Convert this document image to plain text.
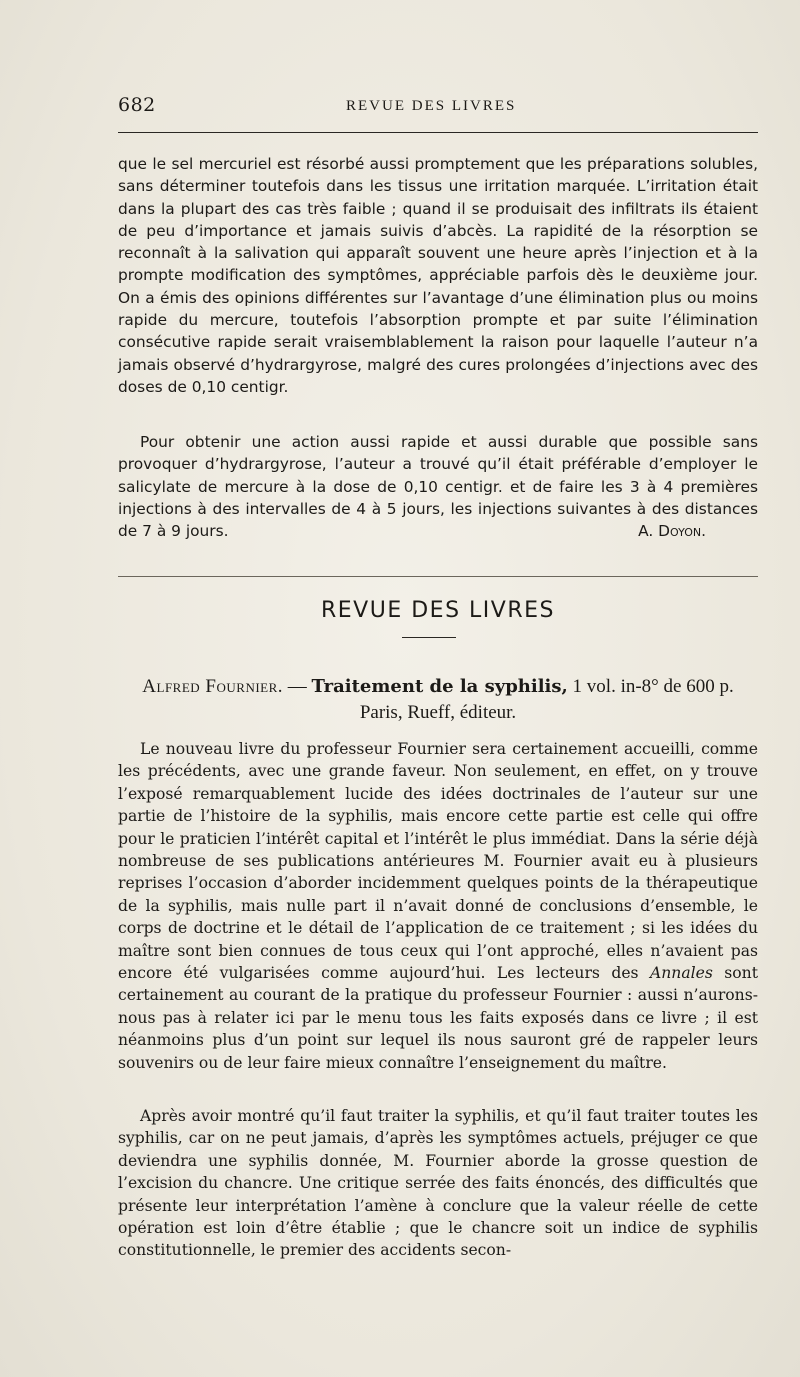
682	REVUE DES LIVRES

que le sel mercuriel est résorbé aussi promptement que les préparations solubles, sans déterminer toutefois dans les tissus une irritation marquée. L’irritation était dans la plupart des cas très faible ; quand il se produisait des infiltrats ils étaient de peu d’importance et jamais suivis d’abcès. La rapidité de la résorption se reconnaît à la salivation qui apparaît souvent une heure après l’injection et à la prompte modification des symptômes, appréciable parfois dès le deuxième jour. On a émis des opinions différentes sur l’avantage d’une élimination plus ou moins rapide du mercure, toutefois l’absorption prompte et par suite l’élimination consécutive rapide serait vraisemblablement la raison pour laquelle l’auteur n’a jamais observé d’hydrargyrose, malgré des cures prolongées d’injections avec des doses de 0,10 centigr.

Pour obtenir une action aussi rapide et aussi durable que possible sans provoquer d’hydrargyrose, l’auteur a trouvé qu’il était préférable d’employer le salicylate de mercure à la dose de 0,10 centigr. et de faire les 3 à 4 premières injections à des intervalles de 4 à 5 jours, les injections suivantes à des distances de 7 à 9 jours.	A. Doyon.

REVUE DES LIVRES
Alfred Fournier. — Traitement de la syphilis, 1 vol. in-8° de 600 p.
Paris, Rueff, éditeur.

Le nouveau livre du professeur Fournier sera certainement accueilli, comme les précédents, avec une grande faveur. Non seulement, en effet, on y trouve l’exposé remarquablement lucide des idées doctrinales de l’auteur sur une partie de l’histoire de la syphilis, mais encore cette partie est celle qui offre pour le praticien l’intérêt capital et l’intérêt le plus immédiat. Dans la série déjà nombreuse de ses publications antérieures M. Fournier avait eu à plusieurs reprises l’occasion d’aborder incidemment quelques points de la thérapeutique de la syphilis, mais nulle part il n’avait donné de conclusions d’ensemble, le corps de doctrine et le détail de l’application de ce traitement ; si les idées du maître sont bien connues de tous ceux qui l’ont approché, elles n’avaient pas encore été vulgarisées comme aujourd’hui. Les lecteurs des Annales sont certainement au courant de la pratique du professeur Fournier : aussi n’aurons-nous pas à relater ici par le menu tous les faits exposés dans ce livre ; il est néanmoins plus d’un point sur lequel ils nous sauront gré de rappeler leurs souvenirs ou de leur faire mieux connaître l’enseignement du maître.

Après avoir montré qu’il faut traiter la syphilis, et qu’il faut traiter toutes les syphilis, car on ne peut jamais, d’après les symptômes actuels, préjuger ce que deviendra une syphilis donnée, M. Fournier aborde la grosse question de l’excision du chancre. Une critique serrée des faits énoncés, des difficultés que présente leur interprétation l’amène à conclure que la valeur réelle de cette opération est loin d’être établie ; que le chancre soit un indice de syphilis constitutionnelle, le premier des accidents secon-
